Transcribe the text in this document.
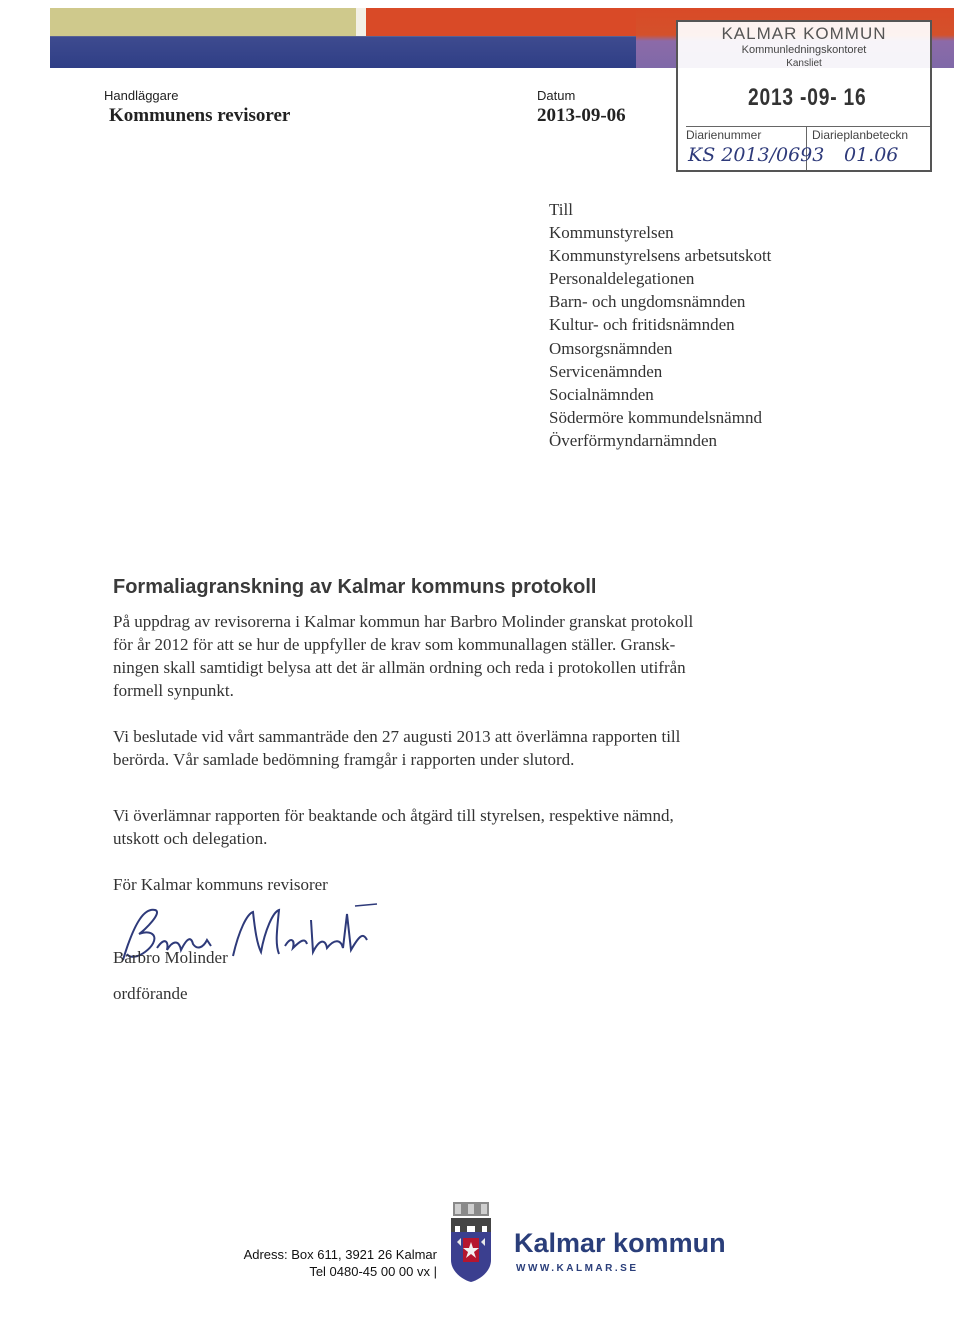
KALMAR KOMMUN
Kommunledningskontoret
Kansliet
2013 -09- 16
Diarienummer	Diarieplanbeteckn
KS 2013/0693 01.06
Handläggare
Kommunens revisorer
Datum
2013-09-06
Till
Kommunstyrelsen
Kommunstyrelsens arbetsutskott
Personaldelegationen
Barn- och ungdomsnämnden
Kultur- och fritidsnämnden
Omsorgsnämnden
Servicenämnden
Socialnämnden
Södermöre kommundelsnämnd
Överförmyndarnämnden
Formaliagranskning av Kalmar kommuns protokoll
På uppdrag av revisorerna i Kalmar kommun har Barbro Molinder granskat protokoll
för år 2012 för att se hur de uppfyller de krav som kommunallagen ställer. Gransk-
ningen skall samtidigt belysa att det är allmän ordning och reda i protokollen utifrån
formell synpunkt.
Vi beslutade vid vårt sammanträde den 27 augusti 2013 att överlämna rapporten till
berörda. Vår samlade bedömning framgår i rapporten under slutord.
Vi överlämnar rapporten för beaktande och åtgärd till styrelsen, respektive nämnd,
utskott och delegation.
För Kalmar kommuns revisorer
Barbro Molinder
ordförande
Adress: Box 611, 3921 26 Kalmar
Tel 0480-45 00 00 vx |
Kalmar kommun
WWW.KALMAR.SE
